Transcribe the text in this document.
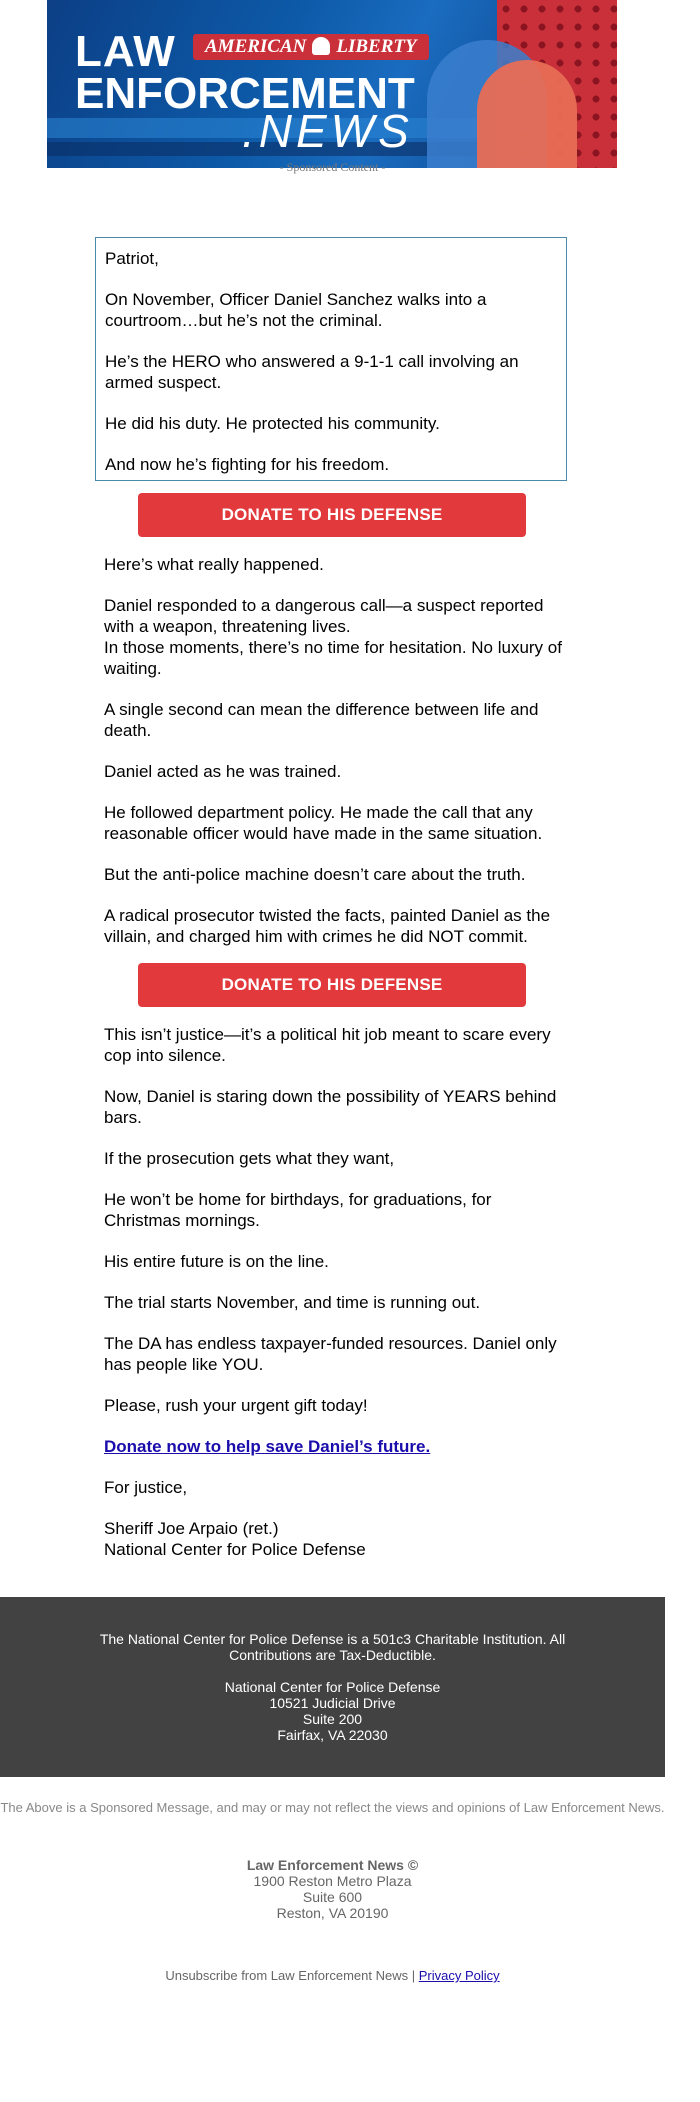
AMERICAN LIBERTY
LAW
ENFORCEMENT
.NEWS
- Sponsored Content -

Patriot,

On November, Officer Daniel Sanchez walks into a courtroom…but he’s not the criminal.

He’s the HERO who answered a 9-1-1 call involving an armed suspect.

He did his duty. He protected his community.

And now he’s fighting for his freedom.

DONATE TO HIS DEFENSE

Here’s what really happened.

Daniel responded to a dangerous call—a suspect reported with a weapon, threatening lives.
In those moments, there’s no time for hesitation. No luxury of waiting.

A single second can mean the difference between life and death.

Daniel acted as he was trained.

He followed department policy. He made the call that any reasonable officer would have made in the same situation.

But the anti-police machine doesn’t care about the truth.

A radical prosecutor twisted the facts, painted Daniel as the villain, and charged him with crimes he did NOT commit.

DONATE TO HIS DEFENSE

This isn’t justice—it’s a political hit job meant to scare every cop into silence.

Now, Daniel is staring down the possibility of YEARS behind bars.

If the prosecution gets what they want,

He won’t be home for birthdays, for graduations, for Christmas mornings.

His entire future is on the line.

The trial starts November, and time is running out.

The DA has endless taxpayer-funded resources. Daniel only has people like YOU.

Please, rush your urgent gift today!

Donate now to help save Daniel’s future.

For justice,

Sheriff Joe Arpaio (ret.)
National Center for Police Defense

The National Center for Police Defense is a 501c3 Charitable Institution. All Contributions are Tax-Deductible.
National Center for Police Defense
10521 Judicial Drive
Suite 200
Fairfax, VA 22030
The Above is a Sponsored Message, and may or may not reflect the views and opinions of Law Enforcement News.
Law Enforcement News ©
1900 Reston Metro Plaza
Suite 600
Reston, VA 20190
Unsubscribe from Law Enforcement News | Privacy Policy
